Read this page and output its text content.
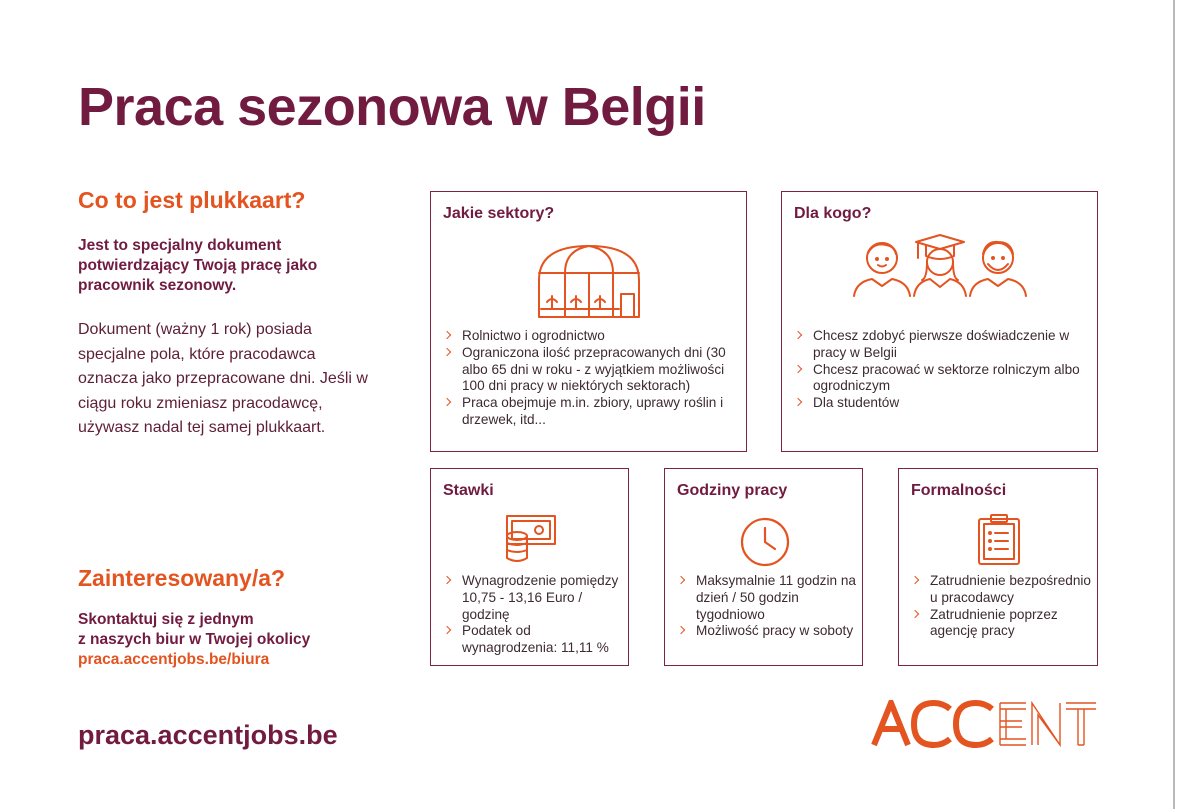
Praca sezonowa w Belgii
Co to jest plukkaart?

Jest to specjalny dokument potwierdzający Twoją pracę jako pracownik sezonowy.

Dokument (ważny 1 rok) posiada specjalne pola, które pracodawca oznacza jako przepracowane dni. Jeśli w ciągu roku zmieniasz pracodawcę, używasz nadal tej samej plukkaart.

Zainteresowany/a?
Skontaktuj się z jednym
z naszych biur w Twojej okolicy
praca.accentjobs.be/biura
praca.accentjobs.be
Jakie sektory?
Rolnictwo i ogrodnictwo
Ograniczona ilość przepracowanych dni (30 albo 65 dni w roku - z wyjątkiem możliwości 100 dni pracy w niektórych sektorach)
Praca obejmuje m.in. zbiory, uprawy roślin i drzewek, itd...
Dla kogo?
Chcesz zdobyć pierwsze doświadczenie w pracy w Belgii
Chcesz pracować w sektorze rolniczym albo ogrodniczym
Dla studentów
Stawki
Wynagrodzenie pomiędzy 10,75 - 13,16 Euro / godzinę
Podatek od wynagrodzenia: 11,11 %
Godziny pracy
Maksymalnie 11 godzin na dzień / 50 godzin tygodniowo
Możliwość pracy w soboty
Formalności
Zatrudnienie bezpośrednio u pracodawcy
Zatrudnienie poprzez agencję pracy
